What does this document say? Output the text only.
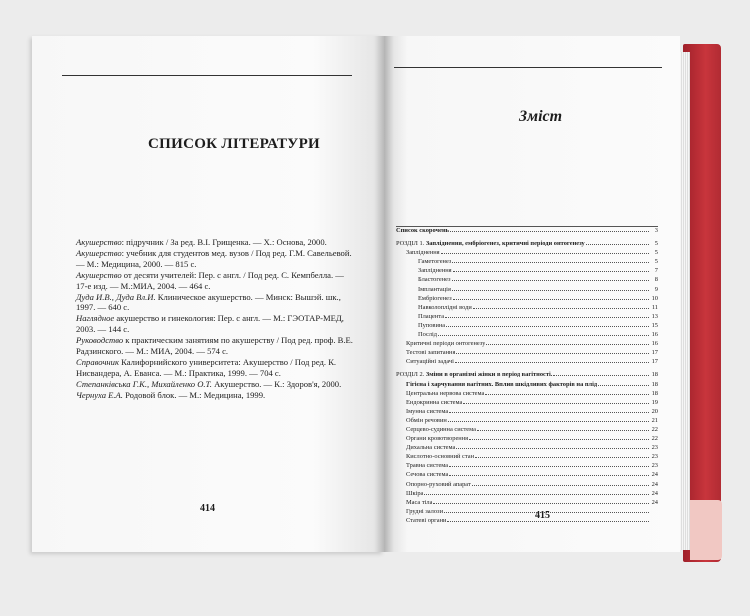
СПИСОК ЛІТЕРАТУРИ

Акушерство: підручник / За ред. В.І. Грищенка. — Х.: Основа, 2000.

Акушерство: учебник для студентов мед. вузов / Под ред. Г.М. Савельевой. — М.: Медицина, 2000. — 815 с.

Акушерство от десяти учителей: Пер. с англ. / Под ред. С. Кемпбелла. — 17-е изд. — М.:МИА, 2004. — 464 с.

Дуда И.В., Дуда Вл.И. Клиническое акушерство. — Минск: Вышэй. шк., 1997. — 640 с.

Наглядное акушерство и гинекология: Пер. с англ. — М.: ГЭОТАР-МЕД, 2003. — 144 с.

Руководство к практическим занятиям по акушерству / Под ред. проф. В.Е. Радзинского. — М.: МИА, 2004. — 574 с.

Справочник Калифорнийского университета: Акушерство / Под ред. К. Нисвандера, А. Еванса. — М.: Практика, 1999. — 704 с.

Степанківська Г.К., Михайленко О.Т. Акушерство. — К.: Здоров'я, 2000.

Чернуха Е.А. Родовой блок. — М.: Медицина, 1999.

414
Зміст
Список скорочень	3
РОЗДІЛ 1. Запліднення, ембріогенез, критичні періоди онтогенезу	5
Запліднення	5
Гаметогенез	5
Запліднення	7
Бластогенез	8
Імплантація	9
Ембріогенез	10
Навколоплідні води	11
Плацента	13
Пуповина	15
Послід	16
Критичні періоди онтогенезу	16
Тестові запитання	17
Ситуаційні задачі	17
РОЗДІЛ 2. Зміни в організмі жінки в період вагітності.	18
Гігієна і харчування вагітних. Вплив шкідливих факторів на плід	18
Центральна нервова система	18
Ендокринна система	19
Імунна система	20
Обмін речовин	21
Серцево-судинна система	22
Органи кровотворення	22
Дихальна система	23
Кислотно-основний стан	23
Травна система	23
Сечова система	24
Опорно-руховий апарат	24
Шкіра	24
Маса тіла	24
Грудні залози
Статеві органи	415
